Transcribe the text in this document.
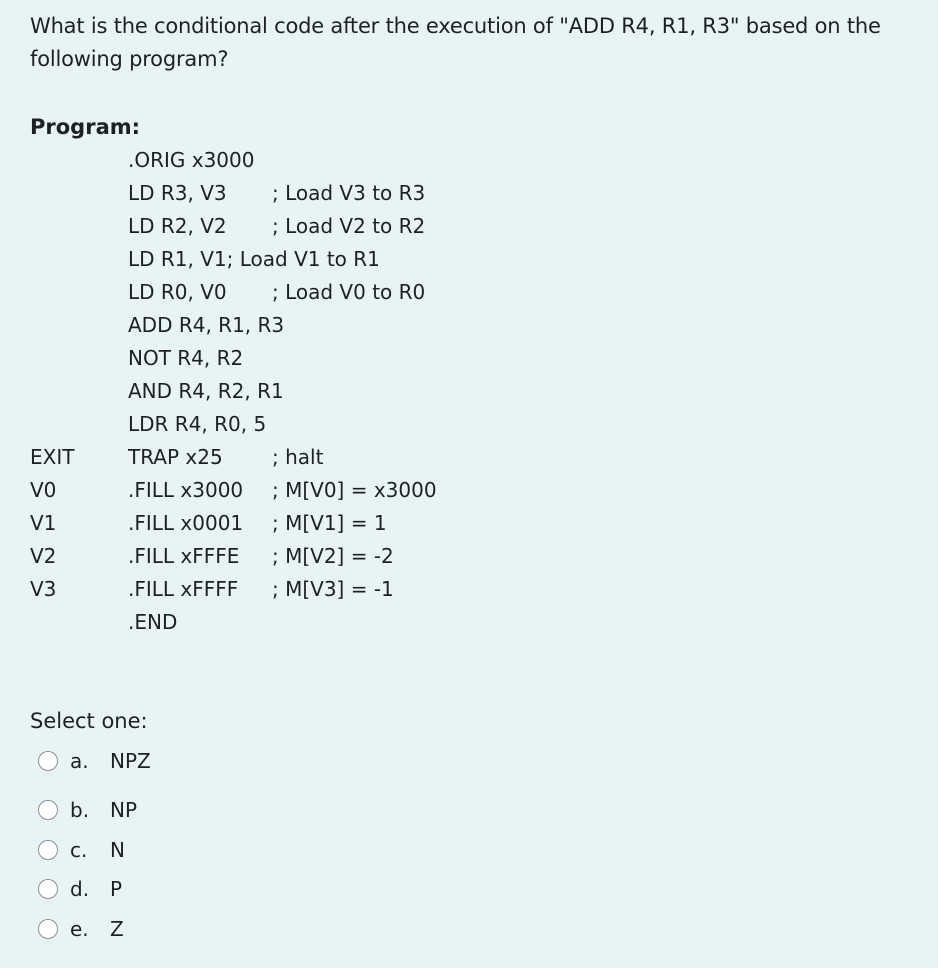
What is the conditional code after the execution of "ADD R4, R1, R3" based on the following program?
Program:
.ORIG x3000
LD R3, V3 ; Load V3 to R3
LD R2, V2 ; Load V2 to R2
LD R1, V1; Load V1 to R1
LD R0, V0 ; Load V0 to R0
ADD R4, R1, R3
NOT R4, R2
AND R4, R2, R1
LDR R4, R0, 5
EXIT	TRAP x25 ; halt
V0	.FILL x3000 ; M[V0] = x3000
V1	.FILL x0001 ; M[V1] = 1
V2	.FILL xFFFE ; M[V2] = -2
V3	.FILL xFFFF ; M[V3] = -1
.END
Select one:
a.	NPZ
b.	NP
c.	N
d.	P
e.	Z
